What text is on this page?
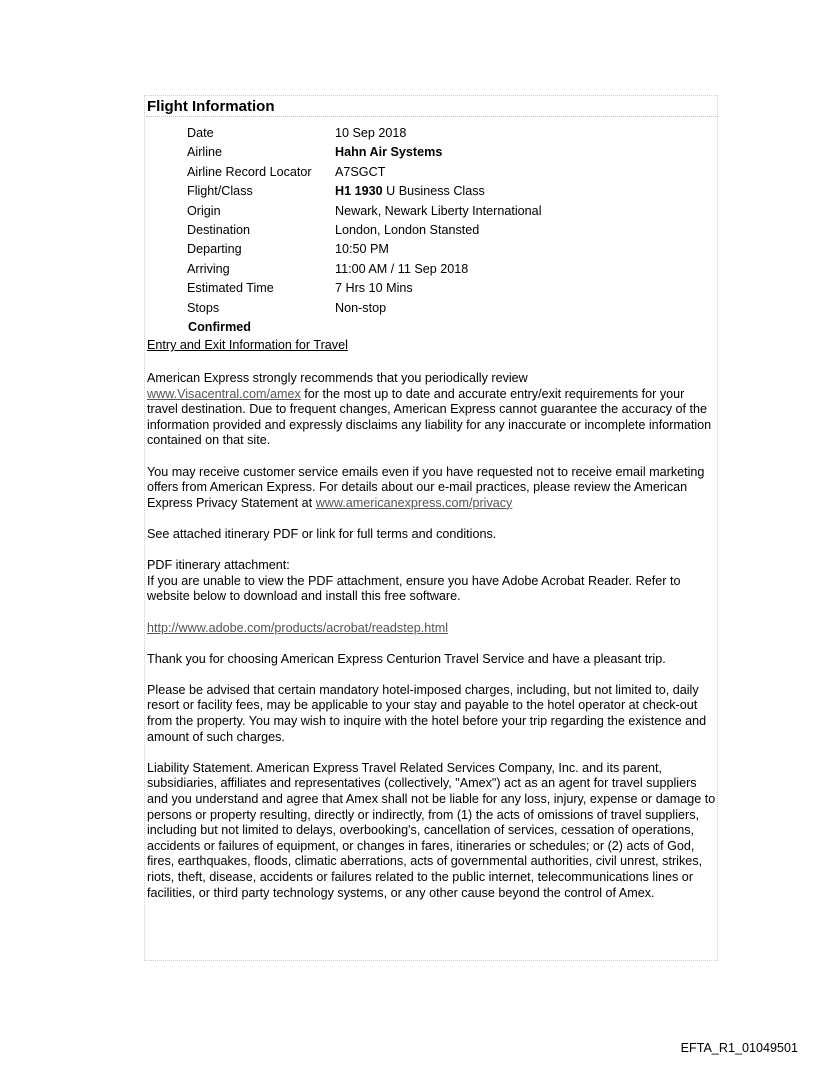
Flight Information
Date	10 Sep 2018
Airline	Hahn Air Systems
Airline Record Locator	A7SGCT
Flight/Class	H1 1930 U Business Class
Origin	Newark, Newark Liberty International
Destination	London, London Stansted
Departing	10:50 PM
Arriving	11:00 AM / 11 Sep 2018
Estimated Time	7 Hrs 10 Mins
Stops	Non-stop
Confirmed
Entry and Exit Information for Travel

American Express strongly recommends that you periodically review
www.Visacentral.com/amex for the most up to date and accurate entry/exit requirements for your travel destination. Due to frequent changes, American Express cannot guarantee the accuracy of the information provided and expressly disclaims any liability for any inaccurate or incomplete information contained on that site.

You may receive customer service emails even if you have requested not to receive email marketing offers from American Express. For details about our e-mail practices, please review the American Express Privacy Statement at www.americanexpress.com/privacy

See attached itinerary PDF or link for full terms and conditions.

PDF itinerary attachment:
If you are unable to view the PDF attachment, ensure you have Adobe Acrobat Reader. Refer to website below to download and install this free software.

http://www.adobe.com/products/acrobat/readstep.html

Thank you for choosing American Express Centurion Travel Service and have a pleasant trip.

Please be advised that certain mandatory hotel-imposed charges, including, but not limited to, daily resort or facility fees, may be applicable to your stay and payable to the hotel operator at check-out from the property. You may wish to inquire with the hotel before your trip regarding the existence and amount of such charges.

Liability Statement. American Express Travel Related Services Company, Inc. and its parent, subsidiaries, affiliates and representatives (collectively, "Amex") act as an agent for travel suppliers and you understand and agree that Amex shall not be liable for any loss, injury, expense or damage to persons or property resulting, directly or indirectly, from (1) the acts of omissions of travel suppliers, including but not limited to delays, overbooking's, cancellation of services, cessation of operations, accidents or failures of equipment, or changes in fares, itineraries or schedules; or (2) acts of God, fires, earthquakes, floods, climatic aberrations, acts of governmental authorities, civil unrest, strikes, riots, theft, disease, accidents or failures related to the public internet, telecommunications lines or facilities, or third party technology systems, or any other cause beyond the control of Amex.

EFTA_R1_01049501
